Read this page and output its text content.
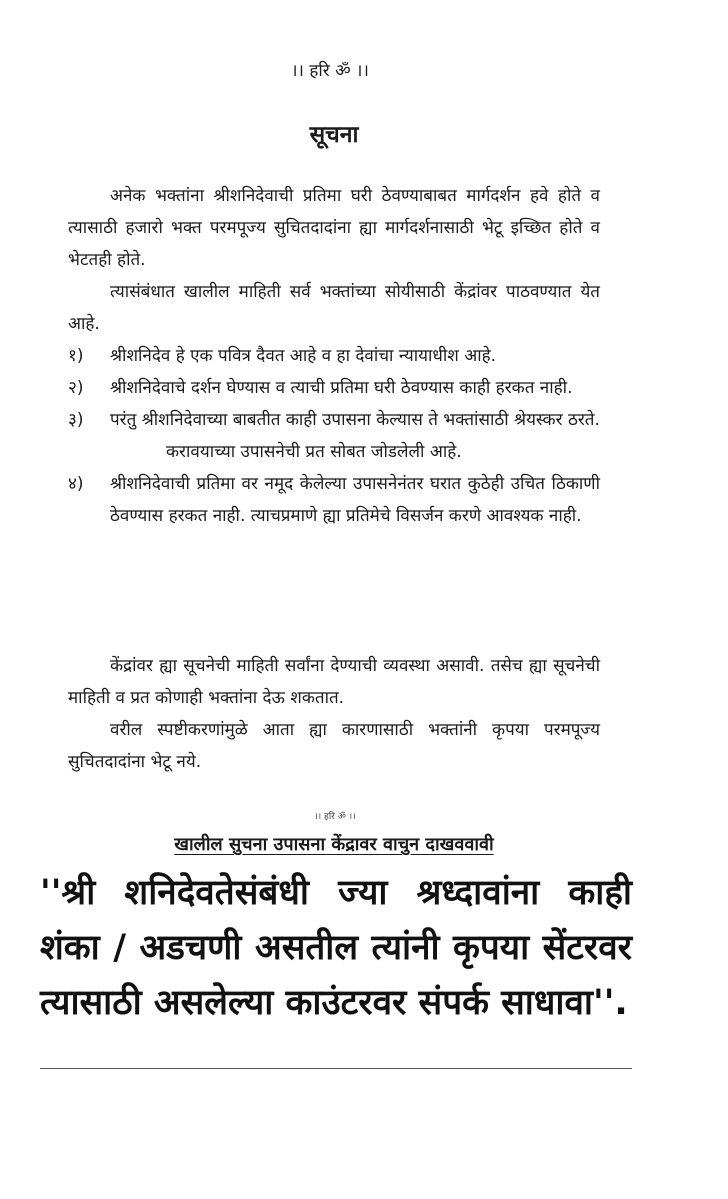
।। हरि ॐ ।।
सूचना
अनेक भक्तांना श्रीशनिदेवाची प्रतिमा घरी ठेवण्याबाबत मार्गदर्शन हवे होते व त्यासाठी हजारो भक्त परमपूज्य सुचितदादांना ह्या मार्गदर्शनासाठी भेटू इच्छित होते व भेटतही होते.
त्यासंबंधात खालील माहिती सर्व भक्तांच्या सोयीसाठी केंद्रांवर पाठवण्यात येत आहे.
१)	श्रीशनिदेव हे एक पवित्र दैवत आहे व हा देवांचा न्यायाधीश आहे.
२)	श्रीशनिदेवाचे दर्शन घेण्यास व त्याची प्रतिमा घरी ठेवण्यास काही हरकत नाही.
३)	परंतु श्रीशनिदेवाच्या बाबतीत काही उपासना केल्यास ते भक्तांसाठी श्रेयस्कर ठरते.
करावयाच्या उपासनेची प्रत सोबत जोडलेली आहे.
४)	श्रीशनिदेवाची प्रतिमा वर नमूद केलेल्या उपासनेनंतर घरात कुठेही उचित ठिकाणी ठेवण्यास हरकत नाही. त्याचप्रमाणे ह्या प्रतिमेचे विसर्जन करणे आवश्यक नाही.
केंद्रांवर ह्या सूचनेची माहिती सर्वांना देण्याची व्यवस्था असावी. तसेच ह्या सूचनेची माहिती व प्रत कोणाही भक्तांना देऊ शकतात.
वरील स्पष्टीकरणांमुळे आता ह्या कारणासाठी भक्तांनी कृपया परमपूज्य सुचितदादांना भेटू नये.
।। हरि ॐ ।।
खालील सुचना उपासना केंद्रावर वाचुन दाखववावी
''श्री शनिदेवतेसंबंधी ज्या श्रध्दावांना काही शंका / अडचणी असतील त्यांनी कृपया सेंटरवर त्यासाठी असलेल्या काउंटरवर संपर्क साधावा''.
